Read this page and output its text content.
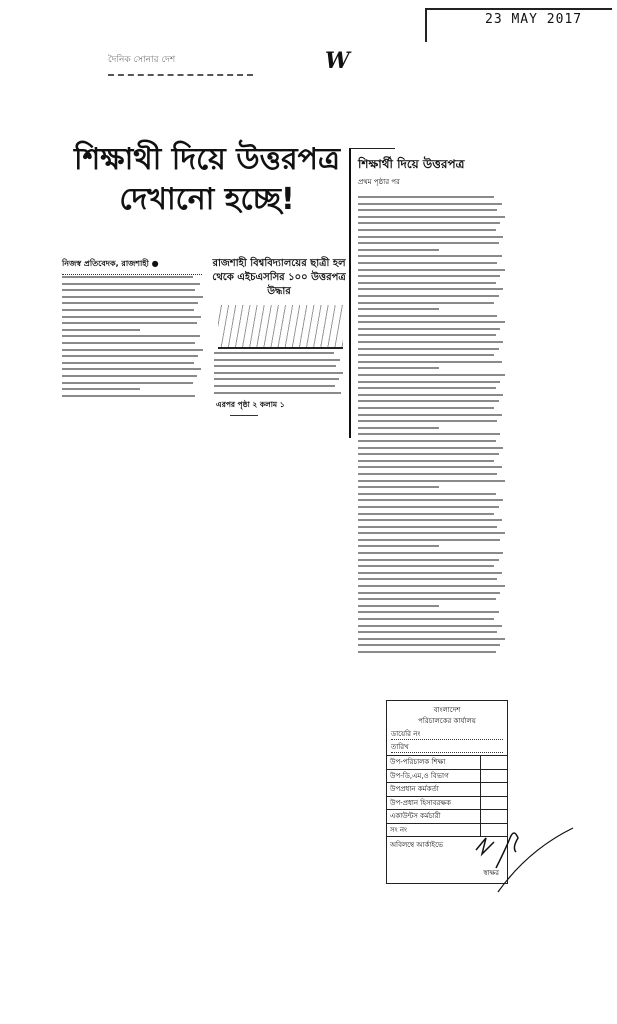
23 MAY 2017
দৈনিক সোনার দেশ	W
শিক্ষাথী দিয়ে উত্তরপত্র
দেখানো হচ্ছে!
নিজস্ব প্রতিবেদক, রাজশাহী ●	রাজশাহী বিশ্ববিদ্যালয়ের ছাত্রী হল থেকে এইচএসসির ১০০ উত্তরপত্র উদ্ধার
এরপর পৃষ্ঠা ২ কলাম ১
শিক্ষার্থী দিয়ে উত্তরপত্র
প্রথম পৃষ্ঠার পর
বাংলাদেশ
পরিচালকের কার্যালয়
ডায়েরি নং
তারিখ
উপ-পরিচালক শিক্ষা
উপ-ডি,এম,ও বিভাগ
উপপ্রধান কর্মকর্তা
উপ-প্রধান হিসাবরক্ষক
একাউন্টস কর্মচারী
সং নং
অবিলম্বে আর্কাইভে
স্বাক্ষর
